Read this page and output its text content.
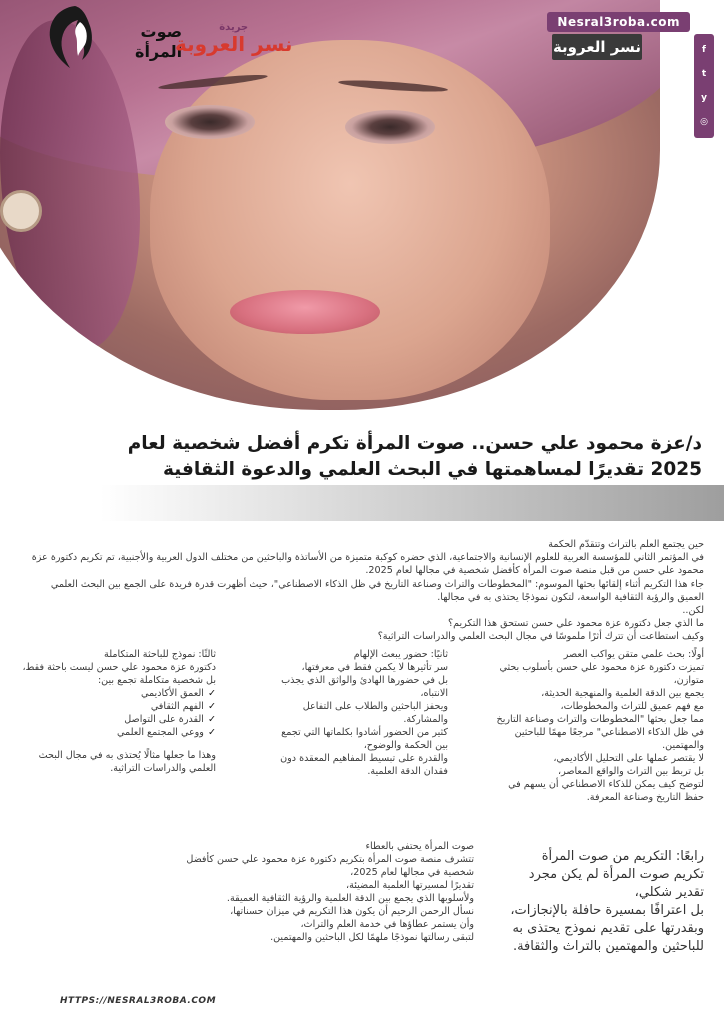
صوت
المرأة
جريدة
نسر العروبة
Nesral3roba.com
نسر العروبة	f
t
y
◎
د/عزة محمود علي حسن.. صوت المرأة تكرم أفضل شخصية لعام
2025 تقديرًا لمساهمتها في البحث العلمي والدعوة الثقافية

حين يجتمع العلم بالتراث وتتقدّم الحكمة

في المؤتمر الثاني للمؤسسة العربية للعلوم الإنسانية والاجتماعية، الذي حضره كوكبة متميزة من الأساتذة والباحثين من مختلف الدول العربية والأجنبية، تم تكريم دكتورة عزة محمود علي حسن من قبل منصة صوت المرأة كأفضل شخصية في مجالها لعام 2025.

جاء هذا التكريم أثناء إلقائها بحثها الموسوم: "المخطوطات والتراث وصناعة التاريخ في ظل الذكاء الاصطناعي"، حيث أظهرت قدرة فريدة على الجمع بين البحث العلمي العميق والرؤية الثقافية الواسعة، لتكون نموذجًا يحتذى به في مجالها.

لكن..

ما الذي جعل دكتورة عزة محمود علي حسن تستحق هذا التكريم؟

وكيف استطاعت أن تترك أثرًا ملموسًا في مجال البحث العلمي والدراسات التراثية؟

أولًا: بحث علمي متقن يواكب العصر

تميزت دكتورة عزة محمود علي حسن بأسلوب بحثي متوازن،

يجمع بين الدقة العلمية والمنهجية الحديثة،

مع فهم عميق للتراث والمخطوطات،

مما جعل بحثها "المخطوطات والتراث وصناعة التاريخ في ظل الذكاء الاصطناعي" مرجعًا مهمًا للباحثين والمهتمين.

لا يقتصر عملها على التحليل الأكاديمي،

بل تربط بين التراث والواقع المعاصر،

لتوضح كيف يمكن للذكاء الاصطناعي أن يسهم في حفظ التاريخ وصناعة المعرفة.

ثانيًا: حضور يبعث الإلهام

سر تأثيرها لا يكمن فقط في معرفتها،

بل في حضورها الهادئ والواثق الذي يجذب الانتباه،

ويحفز الباحثين والطلاب على التفاعل والمشاركة.

كثير من الحضور أشادوا بكلماتها التي تجمع بين الحكمة والوضوح،

والقدرة على تبسيط المفاهيم المعقدة دون فقدان الدقة العلمية.

ثالثًا: نموذج للباحثة المتكاملة

دكتورة عزة محمود علي حسن ليست باحثة فقط،

بل شخصية متكاملة تجمع بين:

✓العمق الأكاديمي

✓الفهم الثقافي

✓القدرة على التواصل

✓ووعي المجتمع العلمي

وهذا ما جعلها مثالًا يُحتذى به في مجال البحث العلمي والدراسات التراثية.

صوت المرأة يحتفي بالعطاء

تتشرف منصة صوت المرأة بتكريم دكتورة عزة محمود علي حسن كأفضل شخصية في مجالها لعام 2025،

تقديرًا لمسيرتها العلمية المضيئة،

ولأسلوبها الذي يجمع بين الدقة العلمية والرؤية الثقافية العميقة.

نسأل الرحمن الرحيم أن يكون هذا التكريم في ميزان حسناتها،

وأن يستمر عطاؤها في خدمة العلم والتراث،

لتبقى رسالتها نموذجًا ملهمًا لكل الباحثين والمهتمين.

رابعًا: التكريم من صوت المرأة

تكريم صوت المرأة لم يكن مجرد تقدير شكلي،

بل اعترافًا بمسيرة حافلة بالإنجازات،

وبقدرتها على تقديم نموذج يحتذى به للباحثين والمهتمين بالتراث والثقافة.

HTTPS://NESRAL3ROBA.COM
